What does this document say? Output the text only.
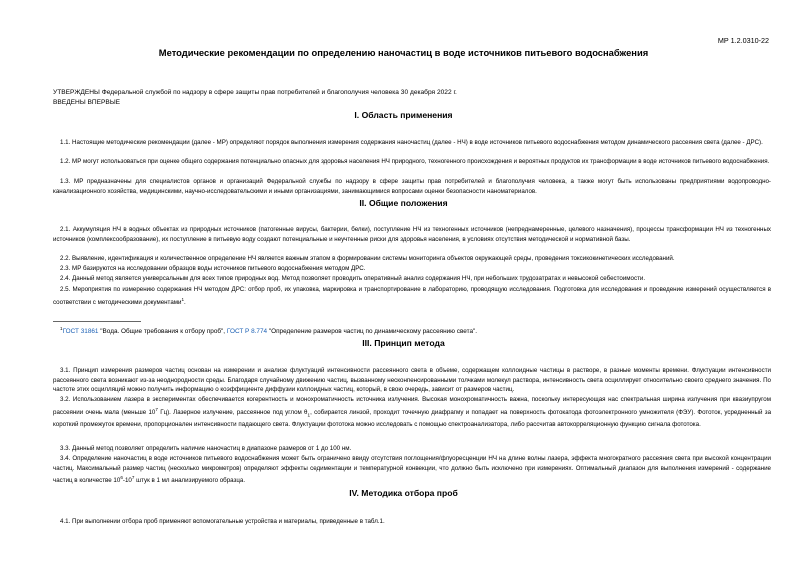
МР 1.2.0310-22
Методические рекомендации по определению наночастиц в воде источников питьевого водоснабжения
УТВЕРЖДЕНЫ Федеральной службой по надзору в сфере защиты прав потребителей и благополучия человека 30 декабря 2022 г.
ВВЕДЕНЫ ВПЕРВЫЕ
I. Область применения
1.1. Настоящие методические рекомендации (далее - МР) определяют порядок выполнения измерения содержания наночастиц (далее - НЧ) в воде источников питьевого водоснабжения методом динамического рассеяния света (далее - ДРС).
1.2. МР могут использоваться при оценке общего содержания потенциально опасных для здоровья населения НЧ природного, техногенного происхождения и вероятных продуктов их трансформации в воде источников питьевого водоснабжения.
1.3. МР предназначены для специалистов органов и организаций Федеральной службы по надзору в сфере защиты прав потребителей и благополучия человека, а также могут быть использованы предприятиями водопроводно-канализационного хозяйства, медицинскими, научно-исследовательскими и иными организациями, занимающимися вопросами оценки безопасности наноматериалов.
II. Общие положения
2.1. Аккумуляция НЧ в водных объектах из природных источников (патогенные вирусы, бактерии, белки), поступление НЧ из техногенных источников (непреднамеренные, целевого назначения), процессы трансформации НЧ из техногенных источников (комплексообразование), их поступление в питьевую воду создают потенциальные и неучтенные риски для здоровья населения, в условиях отсутствия методической и нормативной базы.
2.2. Выявление, идентификация и количественное определение НЧ является важным этапом в формировании системы мониторинга объектов окружающей среды, проведения токсикокинетических исследований.
2.3. МР базируются на исследовании образцов воды источников питьевого водоснабжения методом ДРС.
2.4. Данный метод является универсальным для всех типов природных вод. Метод позволяет проводить оперативный анализ содержания НЧ, при небольших трудозатратах и невысокой себестоимости.
2.5. Мероприятия по измерению содержания НЧ методом ДРС: отбор проб, их упаковка, маркировка и транспортирование в лабораторию, проводящую исследования. Подготовка для исследования и проведение измерений осуществляется в соответствии с методическими документами$^1$.
$^1$ГОСТ 31861 "Вода. Общие требования к отбору проб", ГОСТ Р 8.774 "Определение размеров частиц по динамическому рассеянию света".
III. Принцип метода
3.1. Принцип измерения размеров частиц основан на измерении и анализе флуктуаций интенсивности рассеянного света в объеме, содержащем коллоидные частицы в растворе, в разные моменты времени. Флуктуации интенсивности рассеянного света возникают из-за неоднородности среды. Благодаря случайному движению частиц, вызванному несконпенсированными толчками молекул раствора, интенсивность света осциллирует относительно своего среднего значения. По частоте этих осцилляций можно получить информацию о коэффициенте диффузии коллоидных частиц, который, в свою очередь, зависит от размеров частиц.
3.2. Использованием лазера в экспериментах обеспечивается когерентность и монохроматичность источника излучения. Высокая монохроматичность важна, поскольку интересующая нас спектральная ширина излучения при квазиупругом рассеянии очень мала (меньше $10^7$ Гц). Лазерное излучение, рассеянное под углом $\theta_1$, собирается линзой, проходит точечную диафрагму и попадает на поверхность фотокатода фотоэлектронного умножителя (ФЭУ). Фототок, усредненный за короткий промежуток времени, пропорционален интенсивности падающего света. Флуктуации фототока можно исследовать с помощью спектроанализатора, либо рассчитав автокорреляционную функцию сигнала фототока.
3.3. Данный метод позволяет определить наличие наночастиц в диапазоне размеров от 1 до 100 нм.
3.4. Определение наночастиц в воде источников питьевого водоснабжения может быть ограничено ввиду отсутствия поглощения/флуоресценции НЧ на длине волны лазера, эффекта многократного рассеяния света при высокой концентрации частиц. Максимальный размер частиц (несколько микрометров) определяют эффекты седиментации и температурной конвекции, что должно быть исключено при измерениях. Оптимальный диапазон для выполнения измерений - содержание частиц в количестве $10^6-10^7$ штук в 1 мл анализируемого образца.
IV. Методика отбора проб
4.1. При выполнении отбора проб применяют вспомогательные устройства и материалы, приведенные в табл.1.
